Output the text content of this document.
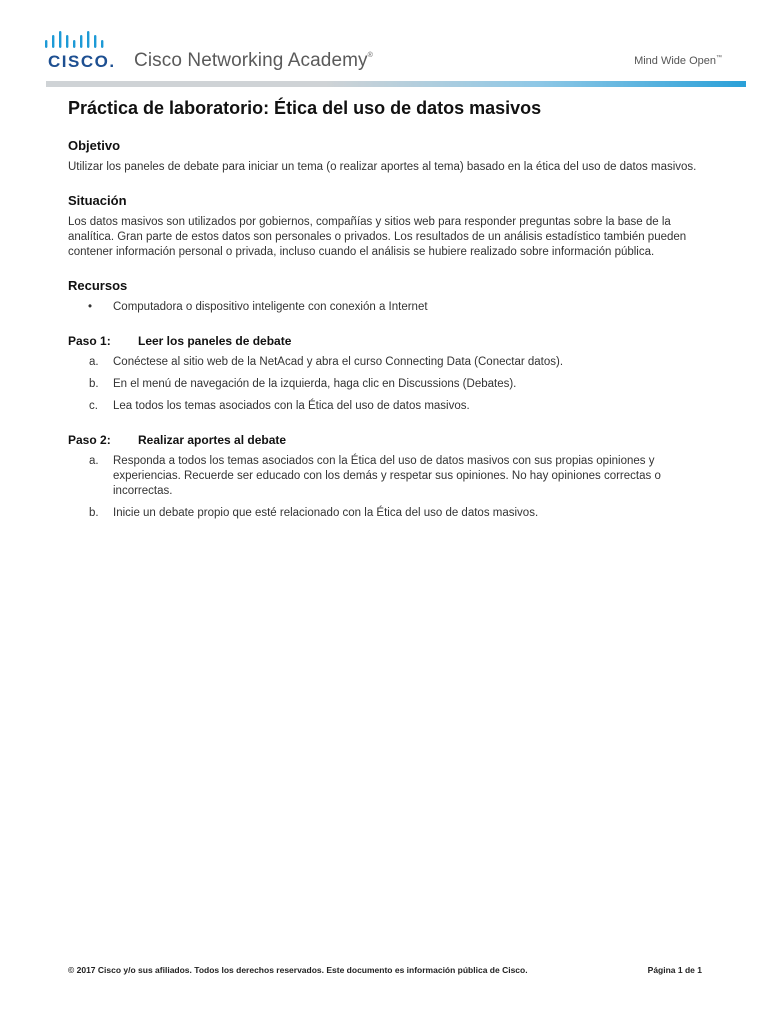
CISCO. Cisco Networking Academy®	Mind Wide Open™
Práctica de laboratorio: Ética del uso de datos masivos
Objetivo

Utilizar los paneles de debate para iniciar un tema (o realizar aportes al tema) basado en la ética del uso de datos masivos.

Situación

Los datos masivos son utilizados por gobiernos, compañías y sitios web para responder preguntas sobre la base de la analítica. Gran parte de estos datos son personales o privados. Los resultados de un análisis estadístico también pueden contener información personal o privada, incluso cuando el análisis se hubiere realizado sobre información pública.

Recursos
• Computadora o dispositivo inteligente con conexión a Internet
Paso 1:	Leer los paneles de debate
a. Conéctese al sitio web de la NetAcad y abra el curso Connecting Data (Conectar datos).
b. En el menú de navegación de la izquierda, haga clic en Discussions (Debates).
c. Lea todos los temas asociados con la Ética del uso de datos masivos.
Paso 2:	Realizar aportes al debate
a. Responda a todos los temas asociados con la Ética del uso de datos masivos con sus propias opiniones y experiencias. Recuerde ser educado con los demás y respetar sus opiniones. No hay opiniones correctas o incorrectas.
b. Inicie un debate propio que esté relacionado con la Ética del uso de datos masivos.
© 2017 Cisco y/o sus afiliados. Todos los derechos reservados. Este documento es información pública de Cisco.	Página 1 de 1
